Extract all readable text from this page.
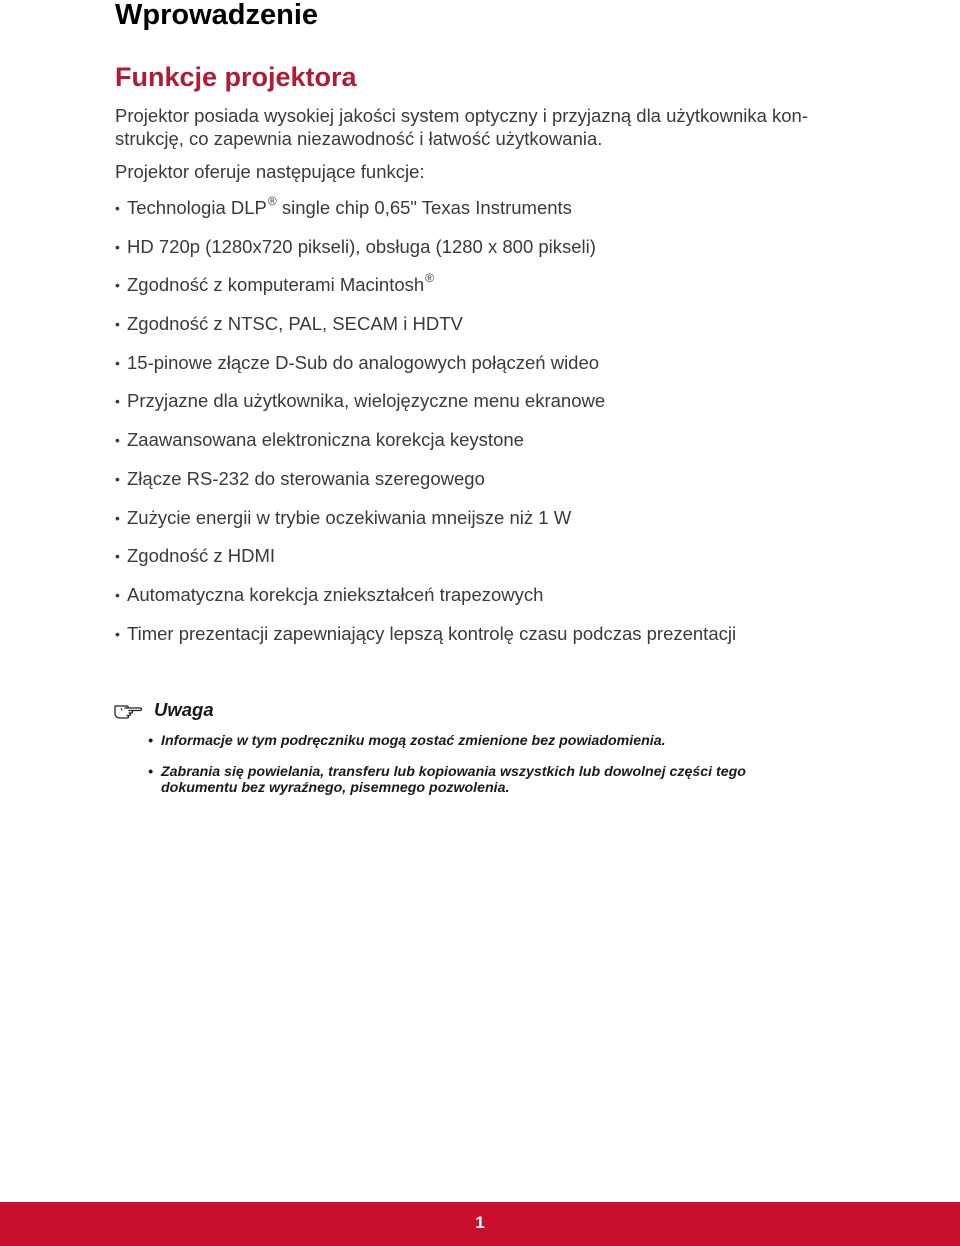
Wprowadzenie
Funkcje projektora

Projektor posiada wysokiej jakości system optyczny i przyjazną dla użytkownika kon-

strukcję, co zapewnia niezawodność i łatwość użytkowania.

Projektor oferuje następujące funkcje:
• Technologia DLP® single chip 0,65" Texas Instruments
• HD 720p (1280x720 pikseli), obsługa (1280 x 800 pikseli)
• Zgodność z komputerami Macintosh®
• Zgodność z NTSC, PAL, SECAM i HDTV
• 15-pinowe złącze D-Sub do analogowych połączeń wideo
• Przyjazne dla użytkownika, wielojęzyczne menu ekranowe
• Zaawansowana elektroniczna korekcja keystone
• Złącze RS-232 do sterowania szeregowego
• Zużycie energii w trybie oczekiwania mneijsze niż 1 W
• Zgodność z HDMI
• Automatyczna korekcja zniekształceń trapezowych
• Timer prezentacji zapewniający lepszą kontrolę czasu podczas prezentacji
Uwaga
• Informacje w tym podręczniku mogą zostać zmienione bez powiadomienia.
• Zabrania się powielania, transferu lub kopiowania wszystkich lub dowolnej części tego
dokumentu bez wyraźnego, pisemnego pozwolenia.
1
